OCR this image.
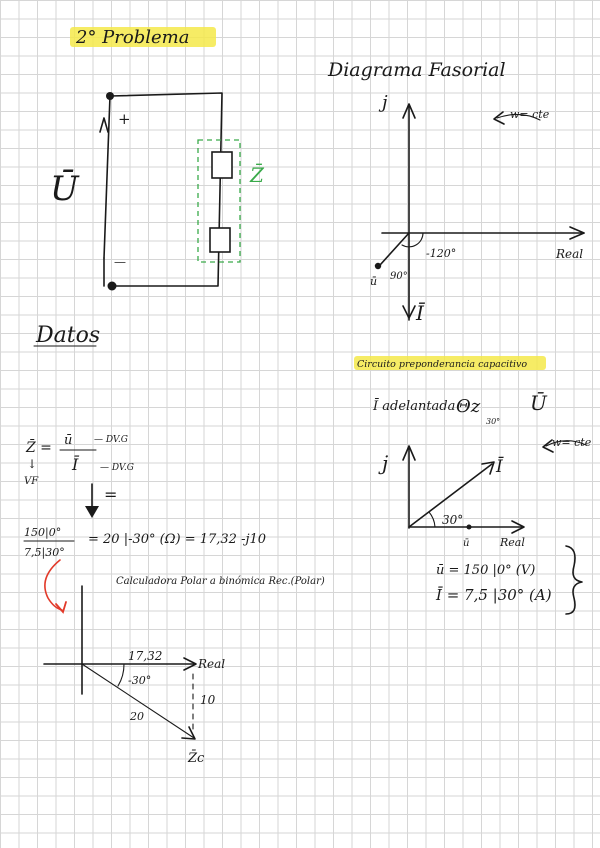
2° Problema
+
—
Ū	Z̄
Diagrama Fasorial
j
Real
ū 90°
Ī
-120°
w= cte
Datos
Circuito preponderancia capacitivo
Ī adelantada Θz
30°
Ū
j
Real
Ī
30°
ū
w= cte
ū = 150 |0° (V)
Ī = 7,5 |30° (A)
Z̄ = ū
Ī
— DV.G
— DV.G
↓
VF
=
150|0°
7,5|30°
= 20 |-30° (Ω) = 17,32 -j10
Calculadora Polar a binómica Rec.(Polar)
Real
17,32
10
-30°
20
Z̄c
